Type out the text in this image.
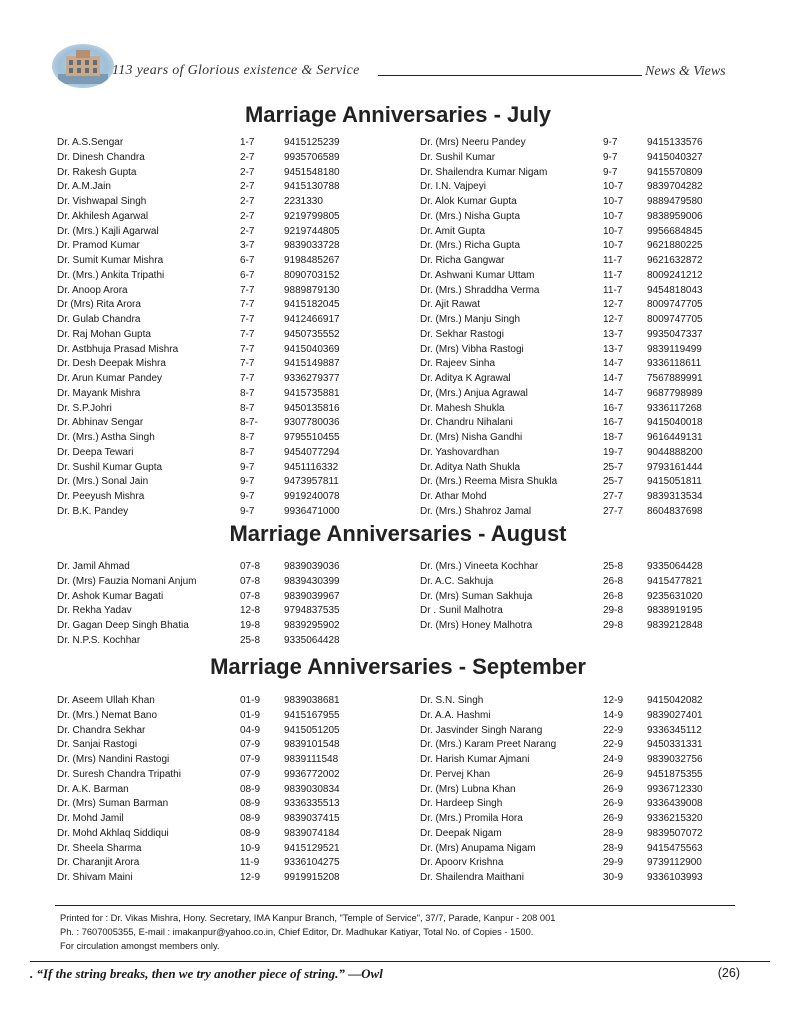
113 years of Glorious existence & Service	News & Views
Marriage Anniversaries - July
Dr. A.S.Sengar	1-7	9415125239
Dr. Dinesh Chandra	2-7	9935706589
Dr. Rakesh Gupta	2-7	9451548180
Dr. A.M.Jain	2-7	9415130788
Dr. Vishwapal Singh	2-7	2231330
Dr. Akhilesh Agarwal	2-7	9219799805
Dr. (Mrs.) Kajli Agarwal	2-7	9219744805
Dr. Pramod Kumar	3-7	9839033728
Dr. Sumit Kumar Mishra	6-7	9198485267
Dr. (Mrs.) Ankita Tripathi	6-7	8090703152
Dr. Anoop Arora	7-7	9889879130
Dr (Mrs) Rita Arora	7-7	9415182045
Dr. Gulab Chandra	7-7	9412466917
Dr. Raj Mohan Gupta	7-7	9450735552
Dr. Astbhuja Prasad Mishra	7-7	9415040369
Dr. Desh Deepak Mishra	7-7	9415149887
Dr. Arun Kumar Pandey	7-7	9336279377
Dr. Mayank Mishra	8-7	9415735881
Dr. S.P.Johri	8-7	9450135816
Dr. Abhinav Sengar	8-7-	9307780036
Dr. (Mrs.) Astha Singh	8-7	9795510455
Dr. Deepa Tewari	8-7	9454077294
Dr. Sushil Kumar Gupta	9-7	9451116332
Dr. (Mrs.) Sonal Jain	9-7	9473957811
Dr. Peeyush Mishra	9-7	9919240078
Dr. B.K. Pandey	9-7	9936471000
Dr. (Mrs) Neeru Pandey	9-7	9415133576
Dr. Sushil Kumar	9-7	9415040327
Dr. Shailendra Kumar Nigam	9-7	9415570809
Dr. I.N. Vajpeyi	10-7 9839704282
Dr. Alok Kumar Gupta	10-7 9889479580
Dr. (Mrs.) Nisha Gupta	10-7 9838959006
Dr. Amit Gupta	10-7 9956684845
Dr. (Mrs.) Richa Gupta	10-7 9621880225
Dr. Richa Gangwar	11-7 9621632872
Dr. Ashwani Kumar Uttam	11-7 8009241212
Dr. (Mrs.) Shraddha Verma	11-7 9454818043
Dr. Ajit Rawat	12-7 8009747705
Dr. (Mrs.) Manju Singh	12-7 8009747705
Dr. Sekhar Rastogi	13-7 9935047337
Dr. (Mrs) Vibha Rastogi	13-7 9839119499
Dr. Rajeev Sinha	14-7 9336118611
Dr. Aditya K Agrawal	14-7 7567889991
Dr, (Mrs.) Anjua Agrawal	14-7 9687798989
Dr. Mahesh Shukla	16-7 9336117268
Dr. Chandru Nihalani	16-7 9415040018
Dr. (Mrs) Nisha Gandhi	18-7 9616449131
Dr. Yashovardhan	19-7 9044888200
Dr. Aditya Nath Shukla	25-7 9793161444
Dr. (Mrs.) Reema Misra Shukla	25-7 9415051811
Dr. Athar Mohd	27-7 9839313534
Dr. (Mrs.) Shahroz Jamal	27-7 8604837698
Marriage Anniversaries - August
Dr. Jamil Ahmad	07-8 9839039036
Dr. (Mrs) Fauzia Nomani Anjum	07-8 9839430399
Dr. Ashok Kumar Bagati	07-8 9839039967
Dr. Rekha Yadav	12-8 9794837535
Dr. Gagan Deep Singh Bhatia	19-8 9839295902
Dr. N.P.S. Kochhar	25-8 9335064428
Dr. (Mrs.) Vineeta Kochhar	25-8 9335064428
Dr. A.C. Sakhuja	26-8 9415477821
Dr. (Mrs) Suman Sakhuja	26-8 9235631020
Dr . Sunil Malhotra	29-8 9838919195
Dr. (Mrs) Honey Malhotra	29-8 9839212848
Marriage Anniversaries - September
Dr. Aseem Ullah Khan	01-9 9839038681
Dr. (Mrs.) Nemat Bano	01-9 9415167955
Dr. Chandra Sekhar	04-9 9415051205
Dr. Sanjai Rastogi	07-9 9839101548
Dr. (Mrs) Nandini Rastogi	07-9 9839111548
Dr. Suresh Chandra Tripathi	07-9 9936772002
Dr. A.K. Barman	08-9 9839030834
Dr. (Mrs) Suman Barman	08-9 9336335513
Dr. Mohd Jamil	08-9 9839037415
Dr. Mohd Akhlaq Siddiqui	08-9 9839074184
Dr. Sheela Sharma	10-9 9415129521
Dr. Charanjit Arora	11-9 9336104275
Dr. Shivam Maini	12-9 9919915208
Dr. S.N. Singh	12-9 9415042082
Dr. A.A. Hashmi	14-9 9839027401
Dr. Jasvinder Singh Narang	22-9 9336345112
Dr. (Mrs.) Karam Preet Narang	22-9 9450331331
Dr. Harish Kumar Ajmani	24-9 9839032756
Dr. Pervej Khan	26-9 9451875355
Dr. (Mrs) Lubna Khan	26-9 9936712330
Dr. Hardeep Singh	26-9 9336439008
Dr. (Mrs.) Promila Hora	26-9 9336215320
Dr. Deepak Nigam	28-9 9839507072
Dr. (Mrs) Anupama Nigam	28-9 9415475563
Dr. Apoorv Krishna	29-9 9739112900
Dr. Shailendra Maithani	30-9 9336103993
Printed for : Dr. Vikas Mishra, Hony. Secretary, IMA Kanpur Branch, "Temple of Service", 37/7, Parade, Kanpur - 208 001
Ph. : 7607005355, E-mail : imakanpur@yahoo.co.in, Chief Editor, Dr. Madhukar Katiyar, Total No. of Copies - 1500.
For circulation amongst members only.
. “If the string breaks, then we try another piece of string.” —Owl	(26)
